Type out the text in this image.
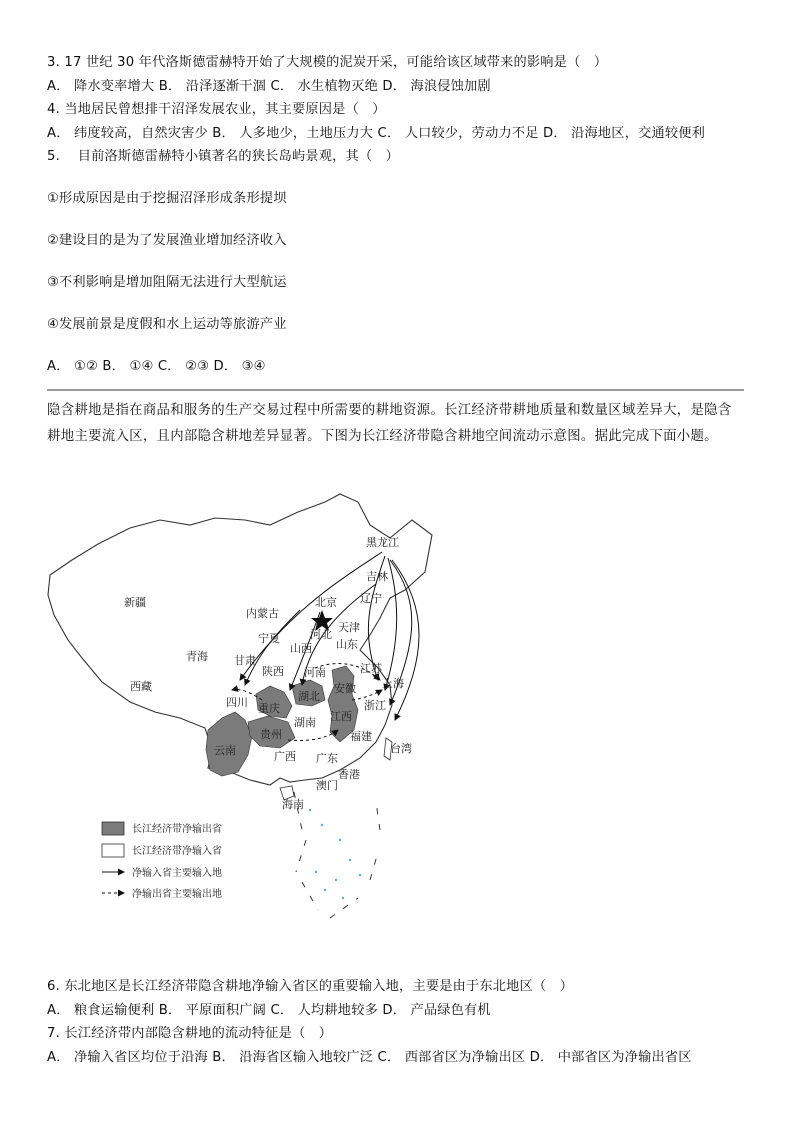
3. 17 世纪 30 年代洛斯德雷赫特开始了大规模的泥炭开采，可能给该区域带来的影响是（　）
A． 降水变率增大 B． 沿泽逐渐干涸 C． 水生植物灭绝 D． 海浪侵蚀加剧
4. 当地居民曾想排干沼泽发展农业，其主要原因是（　）
A． 纬度较高，自然灾害少 B． 人多地少，土地压力大 C． 人口较少，劳动力不足 D． 沿海地区，交通较便利
5.　 目前洛斯德雷赫特小镇著名的狭长岛屿景观，其（　）
①形成原因是由于挖掘沼泽形成条形提坝
②建设目的是为了发展渔业增加经济收入
③不利影响是增加阻隔无法进行大型航运
④发展前景是度假和水上运动等旅游产业
A． ①② B． ①④ C． ②③ D． ③④
隐含耕地是指在商品和服务的生产交易过程中所需要的耕地资源。长江经济带耕地质量和数量区域差异大，是隐含耕地主要流入区，且内部隐含耕地差异显著。下图为长江经济带隐含耕地空间流动示意图。据此完成下面小题。
黑龙江
吉林
辽宁
内蒙古
北京
天津
河北
山东
山西
新疆
青海
西藏
甘肃
宁夏
陕西 河南	江苏
上海
安徽
四川 重庆
湖北
浙江
江西
湖南
贵州
云南
福建
台湾
广西 广东
香港
澳门
海南
长江经济带净输出省
长江经济带净输入省
净输入省主要输入地
净输出省主要输出地
6. 东北地区是长江经济带隐含耕地净输入省区的重要输入地，主要是由于东北地区（　）
A． 粮食运输便利 B． 平原面积广阔 C． 人均耕地较多 D． 产品绿色有机
7. 长江经济带内部隐含耕地的流动特征是（　）
A． 净输入省区均位于沿海 B． 沿海省区输入地较广泛 C． 西部省区为净输出区 D． 中部省区为净输出省区
